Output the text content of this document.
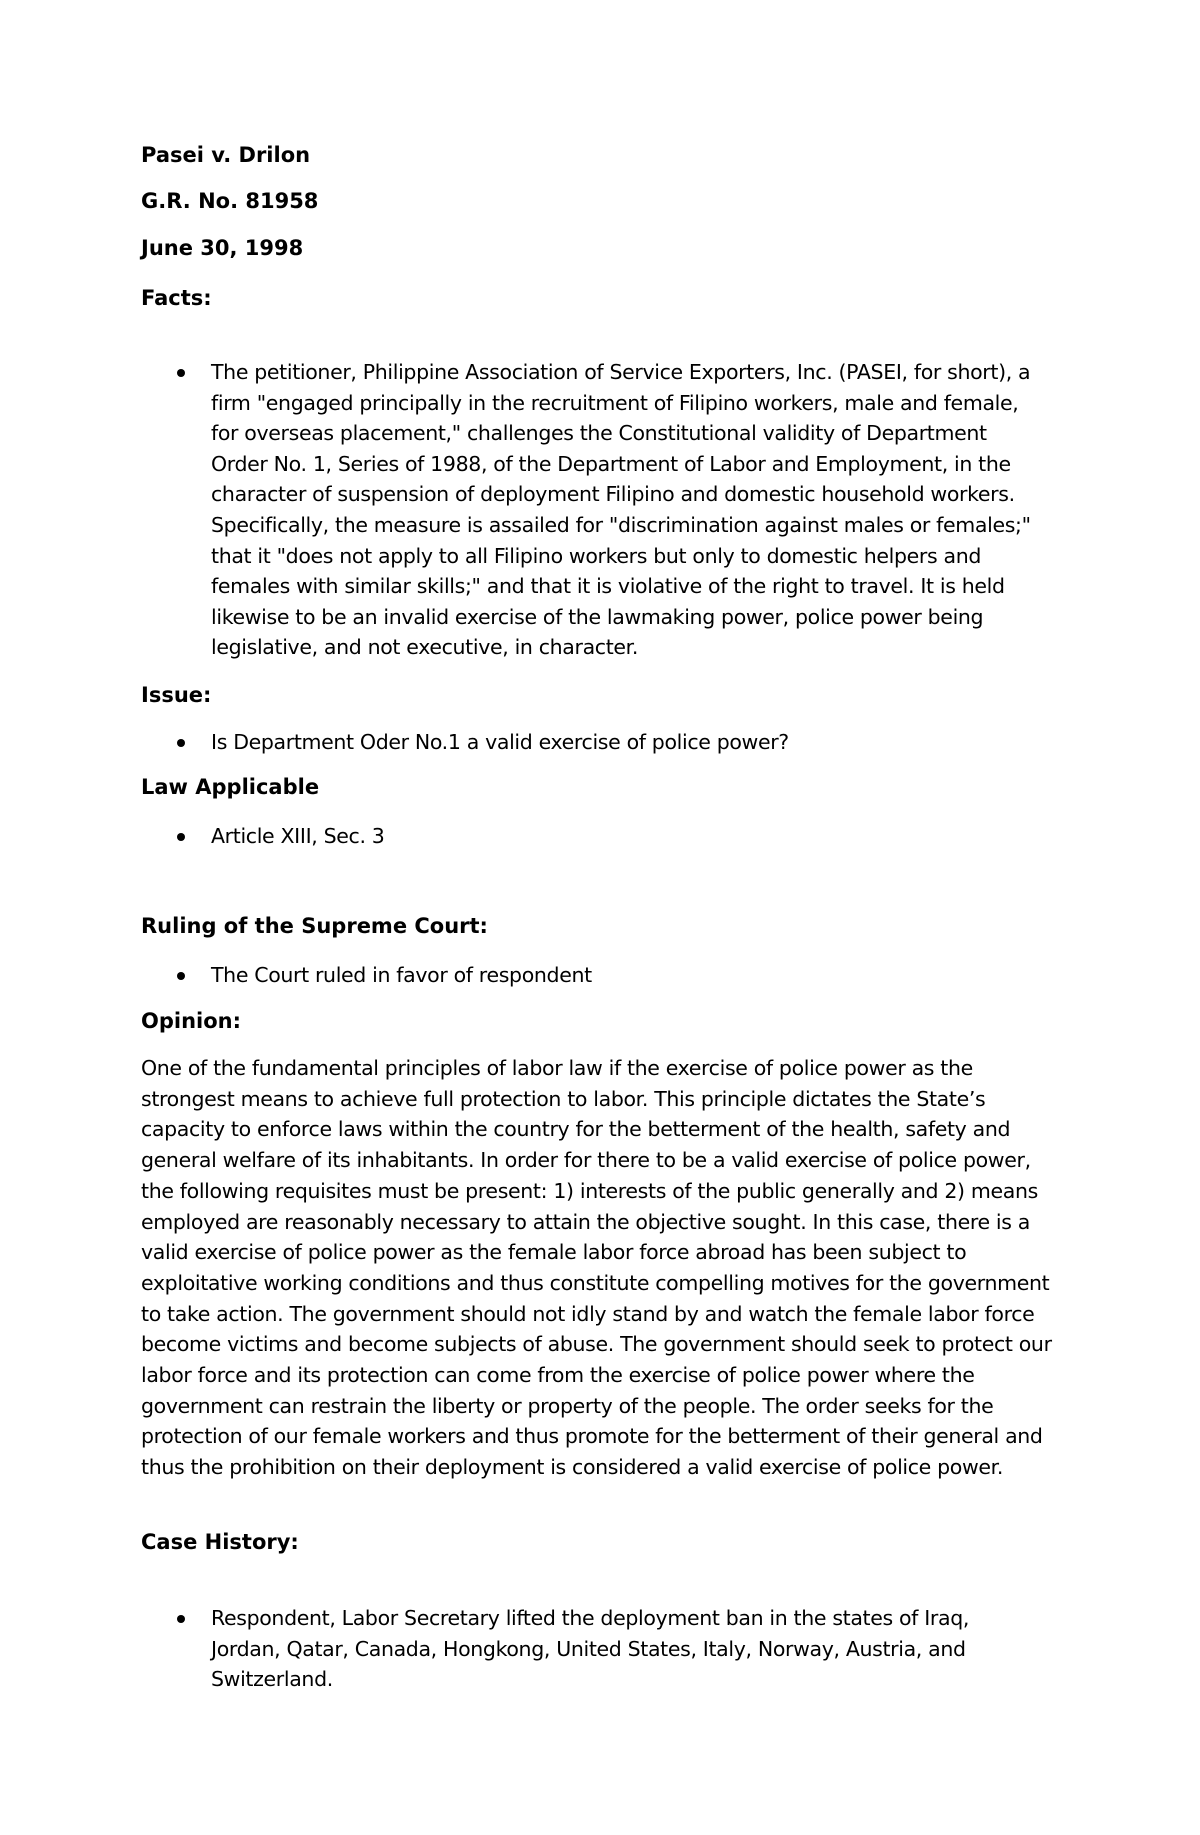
Pasei v. Drilon
G.R. No. 81958
June 30, 1998
Facts:
The petitioner, Philippine Association of Service Exporters, Inc. (PASEI, for short), a firm "engaged principally in the recruitment of Filipino workers, male and female, for overseas placement," challenges the Constitutional validity of Department Order No. 1, Series of 1988, of the Department of Labor and Employment, in the character of suspension of deployment Filipino and domestic household workers. Specifically, the measure is assailed for "discrimination against males or females;" that it "does not apply to all Filipino workers but only to domestic helpers and females with similar skills;" and that it is violative of the right to travel. It is held likewise to be an invalid exercise of the lawmaking power, police power being legislative, and not executive, in character.
Issue:
Is Department Oder No.1 a valid exercise of police power?
Law Applicable
Article XIII, Sec. 3
Ruling of the Supreme Court:
The Court ruled in favor of respondent
Opinion:
One of the fundamental principles of labor law if the exercise of police power as the strongest means to achieve full protection to labor. This principle dictates the State’s capacity to enforce laws within the country for the betterment of the health, safety and general welfare of its inhabitants. In order for there to be a valid exercise of police power, the following requisites must be present: 1) interests of the public generally and 2) means employed are reasonably necessary to attain the objective sought. In this case, there is a valid exercise of police power as the female labor force abroad has been subject to exploitative working conditions and thus constitute compelling motives for the government to take action. The government should not idly stand by and watch the female labor force become victims and become subjects of abuse. The government should seek to protect our labor force and its protection can come from the exercise of police power where the government can restrain the liberty or property of the people. The order seeks for the protection of our female workers and thus promote for the betterment of their general and thus the prohibition on their deployment is considered a valid exercise of police power.
Case History:
Respondent, Labor Secretary lifted the deployment ban in the states of Iraq, Jordan, Qatar, Canada, Hongkong, United States, Italy, Norway, Austria, and Switzerland.
